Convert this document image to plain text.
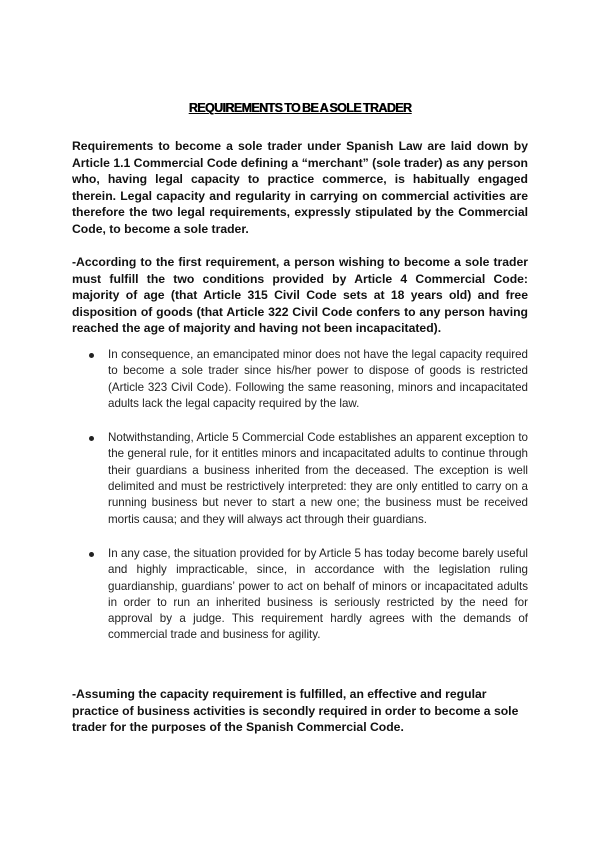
REQUIREMENTS TO BE A SOLE TRADER
Requirements to become a sole trader under Spanish Law are laid down by Article 1.1 Commercial Code defining a “merchant” (sole trader) as any person who, having legal capacity to practice commerce, is habitually engaged therein. Legal capacity and regularity in carrying on commercial activities are therefore the two legal requirements, expressly stipulated by the Commercial Code, to become a sole trader.
-According to the first requirement, a person wishing to become a sole trader must fulfill the two conditions provided by Article 4 Commercial Code: majority of age (that Article 315 Civil Code sets at 18 years old) and free disposition of goods (that Article 322 Civil Code confers to any person having reached the age of majority and having not been incapacitated).
In consequence, an emancipated minor does not have the legal capacity required to become a sole trader since his/her power to dispose of goods is restricted (Article 323 Civil Code). Following the same reasoning, minors and incapacitated adults lack the legal capacity required by the law.
Notwithstanding, Article 5 Commercial Code establishes an apparent exception to the general rule, for it entitles minors and incapacitated adults to continue through their guardians a business inherited from the deceased. The exception is well delimited and must be restrictively interpreted: they are only entitled to carry on a running business but never to start a new one; the business must be received mortis causa; and they will always act through their guardians.
In any case, the situation provided for by Article 5 has today become barely useful and highly impracticable, since, in accordance with the legislation ruling guardianship, guardians’ power to act on behalf of minors or incapacitated adults in order to run an inherited business is seriously restricted by the need for approval by a judge. This requirement hardly agrees with the demands of commercial trade and business for agility.
-Assuming the capacity requirement is fulfilled, an effective and regular practice of business activities is secondly required in order to become a sole trader for the purposes of the Spanish Commercial Code.
